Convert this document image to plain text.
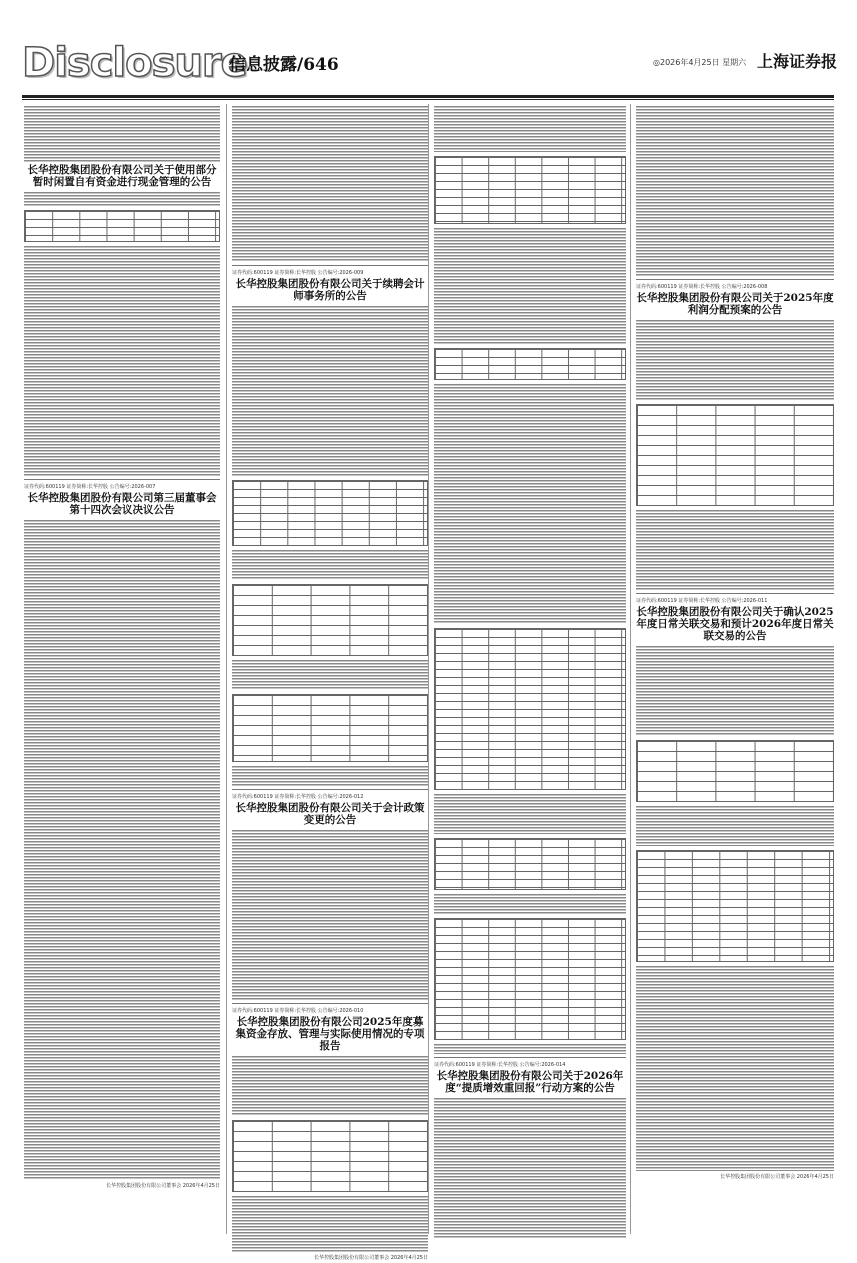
Disclosure
信息披露/646	◎2026年4月25日 星期六 上海证券报
长华控股集团股份有限公司关于使用部分暂时闲置自有资金进行现金管理的公告
证券代码:600119 证券简称:长华控股 公告编号:2026-007
长华控股集团股份有限公司第三届董事会第十四次会议决议公告
长华控股集团股份有限公司董事会 2026年4月25日
证券代码:600119 证券简称:长华控股 公告编号:2026-009
长华控股集团股份有限公司关于续聘会计师事务所的公告
证券代码:600119 证券简称:长华控股 公告编号:2026-012
长华控股集团股份有限公司关于会计政策变更的公告
证券代码:600119 证券简称:长华控股 公告编号:2026-010
长华控股集团股份有限公司2025年度募集资金存放、管理与实际使用情况的专项报告
长华控股集团股份有限公司董事会 2026年4月25日
证券代码:600119 证券简称:长华控股 公告编号:2026-014
长华控股集团股份有限公司关于2026年度“提质增效重回报”行动方案的公告
证券代码:600119 证券简称:长华控股 公告编号:2026-008
长华控股集团股份有限公司关于2025年度利润分配预案的公告
证券代码:600119 证券简称:长华控股 公告编号:2026-011
长华控股集团股份有限公司关于确认2025年度日常关联交易和预计2026年度日常关联交易的公告
长华控股集团股份有限公司董事会 2026年4月25日
